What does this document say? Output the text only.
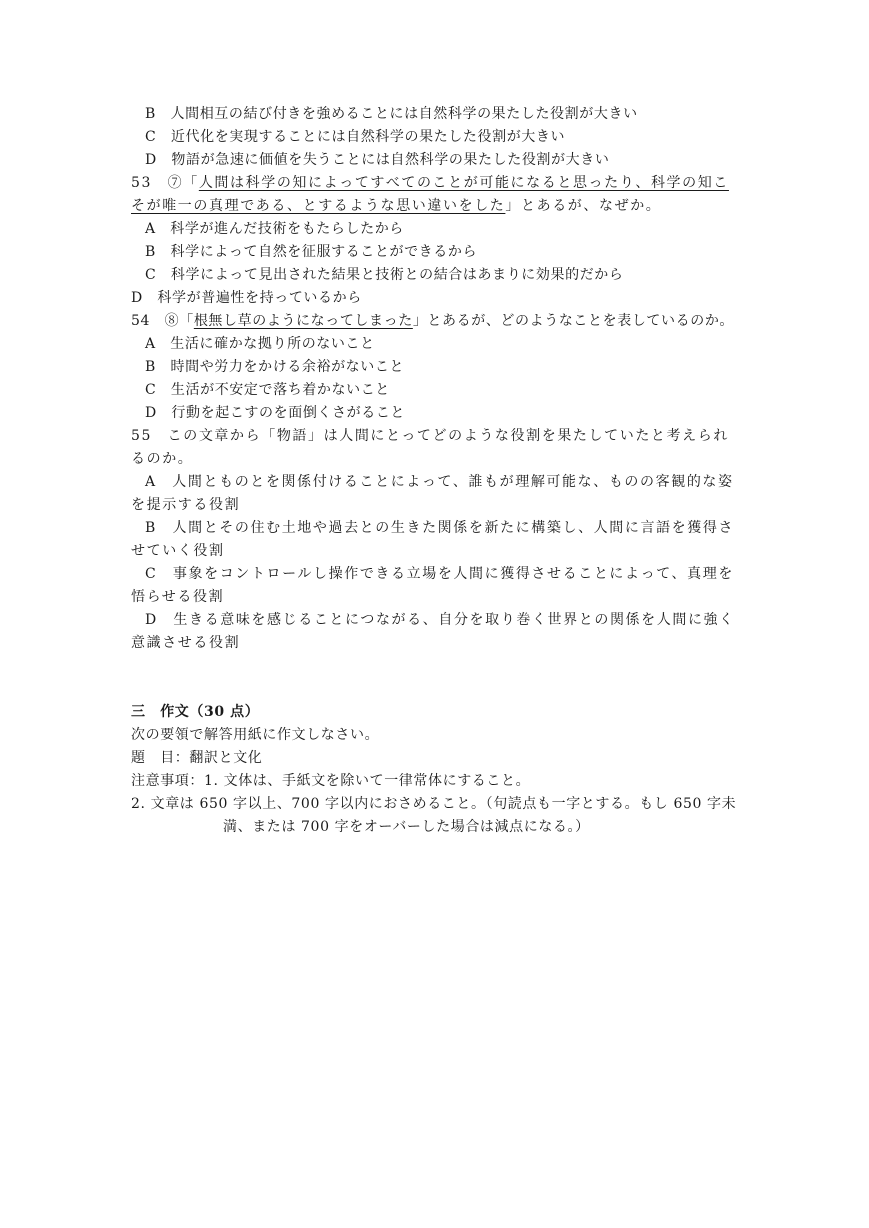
B　人間相互の結び付きを強めることには自然科学の果たした役割が大きい
C　近代化を実現することには自然科学の果たした役割が大きい
D　物語が急速に価値を失うことには自然科学の果たした役割が大きい
53　⑦「人間は科学の知によってすべてのことが可能になると思ったり、科学の知こそが唯一の真理である、とするような思い違いをした」とあるが、なぜか。
A　科学が進んだ技術をもたらしたから
B　科学によって自然を征服することができるから
C　科学によって見出された結果と技術との結合はあまりに効果的だから
D　科学が普遍性を持っているから
54　⑧「根無し草のようになってしまった」とあるが、どのようなことを表しているのか。
A　生活に確かな拠り所のないこと
B　時間や労力をかける余裕がないこと
C　生活が不安定で落ち着かないこと
D　行動を起こすのを面倒くさがること
55　この文章から「物語」は人間にとってどのような役割を果たしていたと考えられるのか。
A　人間とものとを関係付けることによって、誰もが理解可能な、ものの客観的な姿を提示する役割
B　人間とその住む土地や過去との生きた関係を新たに構築し、人間に言語を獲得させていく役割
C　事象をコントロールし操作できる立場を人間に獲得させることによって、真理を悟らせる役割
D　生きる意味を感じることにつながる、自分を取り巻く世界との関係を人間に強く意識させる役割
三　作文（30 点）
次の要領で解答用紙に作文しなさい。
題　目：翻訳と文化
注意事項：1. 文体は、手紙文を除いて一律常体にすること。
2. 文章は 650 字以上、700 字以内におさめること。（句読点も一字とする。もし 650 字未
満、または 700 字をオーバーした場合は減点になる。）
